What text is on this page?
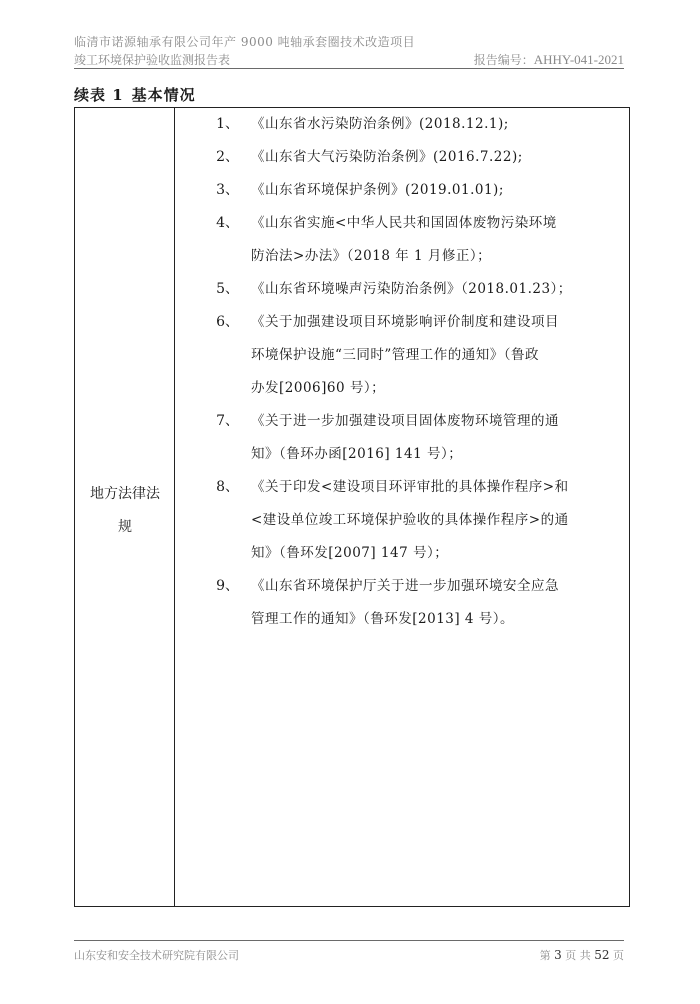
临清市诺源轴承有限公司年产 9000 吨轴承套圈技术改造项目
竣工环境保护验收监测报告表	报告编号：AHHY-041-2021
续表 1 基本情况
地方法律法
规
1、 《山东省水污染防治条例》(2018.12.1);
2、 《山东省大气污染防治条例》(2016.7.22);
3、 《山东省环境保护条例》(2019.01.01);
4、 《山东省实施<中华人民共和国固体废物污染环境
防治法>办法》（2018 年 1 月修正）；
5、 《山东省环境噪声污染防治条例》（2018.01.23）；
6、 《关于加强建设项目环境影响评价制度和建设项目
环境保护设施“三同时”管理工作的通知》（鲁政
办发[2006]60 号）；
7、 《关于进一步加强建设项目固体废物环境管理的通
知》（鲁环办函[2016] 141 号）；
8、 《关于印发<建设项目环评审批的具体操作程序>和
<建设单位竣工环境保护验收的具体操作程序>的通
知》（鲁环发[2007] 147 号）；
9、 《山东省环境保护厅关于进一步加强环境安全应急
管理工作的通知》（鲁环发[2013] 4 号）。
山东安和安全技术研究院有限公司	第 3 页 共 52 页
